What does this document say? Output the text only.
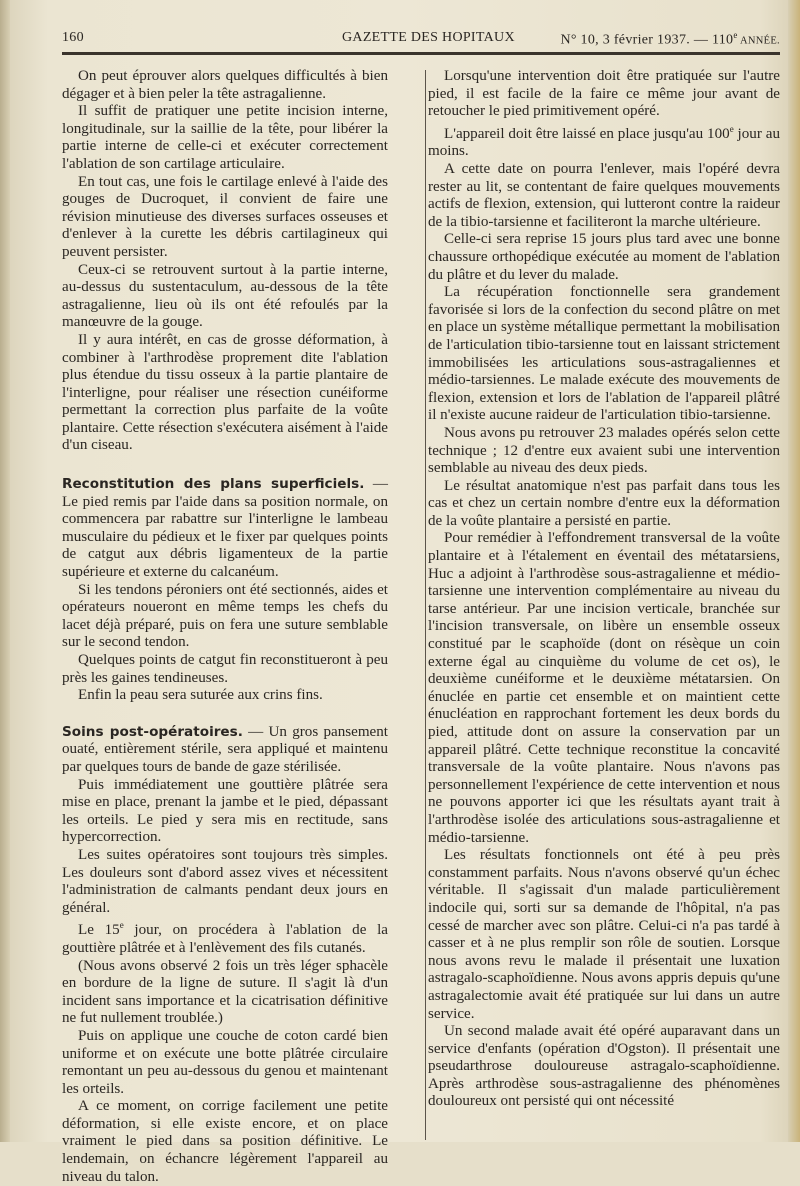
160	GAZETTE DES HOPITAUX	N° 10, 3 février 1937. — 110e ANNÉE.

On peut éprouver alors quelques difficultés à bien dégager et à bien peler la tête astragalienne.

Il suffit de pratiquer une petite incision interne, longitudinale, sur la saillie de la tête, pour libérer la partie interne de celle-ci et exécuter correctement l'ablation de son cartilage articulaire.

En tout cas, une fois le cartilage enlevé à l'aide des gouges de Ducroquet, il convient de faire une révision minutieuse des diverses surfaces osseuses et d'enlever à la curette les débris cartilagineux qui peuvent persister.

Ceux-ci se retrouvent surtout à la partie interne, au-dessus du sustentaculum, au-dessous de la tête astragalienne, lieu où ils ont été refoulés par la manœuvre de la gouge.

Il y aura intérêt, en cas de grosse déformation, à combiner à l'arthrodèse proprement dite l'ablation plus étendue du tissu osseux à la partie plantaire de l'interligne, pour réaliser une résection cunéiforme permettant la correction plus parfaite de la voûte plantaire. Cette résection s'exécutera aisément à l'aide d'un ciseau.

Reconstitution des plans superficiels. — Le pied remis par l'aide dans sa position normale, on commencera par rabattre sur l'interligne le lambeau musculaire du pédieux et le fixer par quelques points de catgut aux débris ligamenteux de la partie supérieure et externe du calcanéum.

Si les tendons péroniers ont été sectionnés, aides et opérateurs noueront en même temps les chefs du lacet déjà préparé, puis on fera une suture semblable sur le second tendon.

Quelques points de catgut fin reconstitueront à peu près les gaines tendineuses.

Enfin la peau sera suturée aux crins fins.

Soins post-opératoires. — Un gros pansement ouaté, entièrement stérile, sera appliqué et maintenu par quelques tours de bande de gaze stérilisée.

Puis immédiatement une gouttière plâtrée sera mise en place, prenant la jambe et le pied, dépassant les orteils. Le pied y sera mis en rectitude, sans hypercorrection.

Les suites opératoires sont toujours très simples. Les douleurs sont d'abord assez vives et nécessitent l'administration de calmants pendant deux jours en général.

Le 15e jour, on procédera à l'ablation de la gouttière plâtrée et à l'enlèvement des fils cutanés.

(Nous avons observé 2 fois un très léger sphacèle en bordure de la ligne de suture. Il s'agit là d'un incident sans importance et la cicatrisation définitive ne fut nullement troublée.)

Puis on applique une couche de coton cardé bien uniforme et on exécute une botte plâtrée circulaire remontant un peu au-dessous du genou et maintenant les orteils.

A ce moment, on corrige facilement une petite déformation, si elle existe encore, et on place vraiment le pied dans sa position définitive. Le lendemain, on échancre légèrement l'appareil au niveau du talon.

Lorsqu'une intervention doit être pratiquée sur l'autre pied, il est facile de la faire ce même jour avant de retoucher le pied primitivement opéré.

L'appareil doit être laissé en place jusqu'au 100e jour au moins.

A cette date on pourra l'enlever, mais l'opéré devra rester au lit, se contentant de faire quelques mouvements actifs de flexion, extension, qui lutteront contre la raideur de la tibio-tarsienne et faciliteront la marche ultérieure.

Celle-ci sera reprise 15 jours plus tard avec une bonne chaussure orthopédique exécutée au moment de l'ablation du plâtre et du lever du malade.

La récupération fonctionnelle sera grandement favorisée si lors de la confection du second plâtre on met en place un système métallique permettant la mobilisation de l'articulation tibio-tarsienne tout en laissant strictement immobilisées les articulations sous-astragaliennes et médio-tarsiennes. Le malade exécute des mouvements de flexion, extension et lors de l'ablation de l'appareil plâtré il n'existe aucune raideur de l'articulation tibio-tarsienne.

Nous avons pu retrouver 23 malades opérés selon cette technique ; 12 d'entre eux avaient subi une intervention semblable au niveau des deux pieds.

Le résultat anatomique n'est pas parfait dans tous les cas et chez un certain nombre d'entre eux la déformation de la voûte plantaire a persisté en partie.

Pour remédier à l'effondrement transversal de la voûte plantaire et à l'étalement en éventail des métatarsiens, Huc a adjoint à l'arthrodèse sous-astragalienne et médio-tarsienne une intervention complémentaire au niveau du tarse antérieur. Par une incision verticale, branchée sur l'incision transversale, on libère un ensemble osseux constitué par le scaphoïde (dont on résèque un coin externe égal au cinquième du volume de cet os), le deuxième cunéiforme et le deuxième métatarsien. On énuclée en partie cet ensemble et on maintient cette énucléation en rapprochant fortement les deux bords du pied, attitude dont on assure la conservation par un appareil plâtré. Cette technique reconstitue la concavité transversale de la voûte plantaire. Nous n'avons pas personnellement l'expérience de cette intervention et nous ne pouvons apporter ici que les résultats ayant trait à l'arthrodèse isolée des articulations sous-astragalienne et médio-tarsienne.

Les résultats fonctionnels ont été à peu près constamment parfaits. Nous n'avons observé qu'un échec véritable. Il s'agissait d'un malade particulièrement indocile qui, sorti sur sa demande de l'hôpital, n'a pas cessé de marcher avec son plâtre. Celui-ci n'a pas tardé à casser et à ne plus remplir son rôle de soutien. Lorsque nous avons revu le malade il présentait une luxation astragalo-scaphoïdienne. Nous avons appris depuis qu'une astragalectomie avait été pratiquée sur lui dans un autre service.

Un second malade avait été opéré auparavant dans un service d'enfants (opération d'Ogston). Il présentait une pseudarthrose douloureuse astragalo-scaphoïdienne. Après arthrodèse sous-astragalienne des phénomènes douloureux ont persisté qui ont nécessité
